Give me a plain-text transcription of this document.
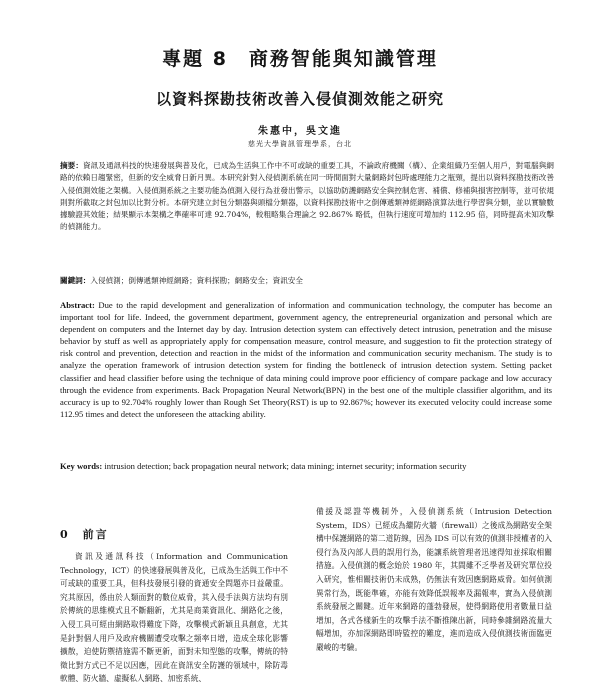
專題 8　商務智能與知識管理
以資料探勘技術改善入侵偵測效能之研究
朱惠中，吳文進
慈光大學資訊管理學系，台北

摘要：資訊及通訊科技的快速發展與普及化，已成為生活與工作中不可或缺的重要工具，不論政府機關（構）、企業組織乃至個人用戶，對電腦與網路的依賴日趨緊密，但新的安全威脅日新月異。本研究針對入侵偵測系統在同一時間面對大量網路封包時處理能力之瓶頸，提出以資料探勘技術改善入侵偵測效能之架構。入侵偵測系統之主要功能為偵測入侵行為並發出警示，以協助防護網路安全與控制危害、補償、修補與損害控制等，並可依規則對所截取之封包加以比對分析。本研究建立封包分類器與頭檔分類器，以資料探勘技術中之倒傳遞類神經網路演算法進行學習與分類，並以實驗數據驗證其效能；結果顯示本架構之準確率可達 92.704%，較粗略集合理論之 92.867% 略低，但執行速度可增加約 112.95 倍，同時提高未知攻擊的偵測能力。

關鍵詞：入侵偵測；倒傳遞類神經網路；資料探勘；網路安全；資訊安全

Abstract: Due to the rapid development and generalization of information and communication technology, the computer has become an important tool for life. Indeed, the government department, government agency, the entrepreneurial organization and personal which are dependent on computers and the Internet day by day. Intrusion detection system can effectively detect intrusion, penetration and the misuse behavior by stuff as well as appropriately apply for compensation measure, control measure, and suggestion to fit the protection strategy of risk control and prevention, detection and reaction in the midst of the information and communication security mechanism. The study is to analyze the operation framework of intrusion detection system for finding the bottleneck of intrusion detection system. Setting packet classifier and head classifier before using the technique of data mining could improve poor efficiency of compare package and low accuracy through the evidence from experiments. Back Propagation Neural Network(BPN) in the best one of the multiple classifier algorithm, and its accuracy is up to 92.704% roughly lower than Rough Set Theory(RST) is up to 92.867%; however its executed velocity could increase some 112.95 times and detect the unforeseen the attacking ability.

Key words: intrusion detection; back propagation neural network; data mining; internet security; information security

0　前言

資訊及通訊科技（Information and Communication Technology，ICT）的快速發展與普及化，已成為生活與工作中不可或缺的重要工具，但科技發展引發的資通安全問題亦日益嚴重。究其原因，係由於人類面對的數位威脅，其入侵手法與方法均有別於傳統的思維模式且不斷翻新，尤其是商業資訊化、網路化之後，入侵工具可經由網路取得難度下降，攻擊模式新穎且具創意，尤其是針對個人用戶及政府機關遭受攻擊之頻率日增，造成全球化影響擴散，迫使防禦措施需不斷更新，面對未知型態的攻擊，傳統的特徵比對方式已不足以因應，因此在資訊安全防護的領域中，除防毒軟體、防火牆、虛擬私人網路、加密系統、

備援及認證等機制外，入侵偵測系統（Intrusion Detection System，IDS）已經成為繼防火牆（firewall）之後成為網路安全架構中保護網路的第二道防線，因為 IDS 可以有效的偵測非授權者的入侵行為及內部人員的誤用行為，能讓系統管理者迅速得知並採取相關措施。入侵偵測的概念始於 1980 年，其間雖不乏學者及研究單位投入研究，惟相關技術仍未成熟，仍無法有效因應網路威脅。如何偵測異常行為，既能準確，亦能有效降低誤報率及漏報率，實為入侵偵測系統發展之關鍵。近年來網路的蓬勃發展，使得網路使用者數量日益增加，各式各樣新生的攻擊手法不斷推陳出新，同時參雜網路流量大幅增加，亦加深網路即時監控的難度，進而造成入侵偵測技術面臨更嚴峻的考驗。
